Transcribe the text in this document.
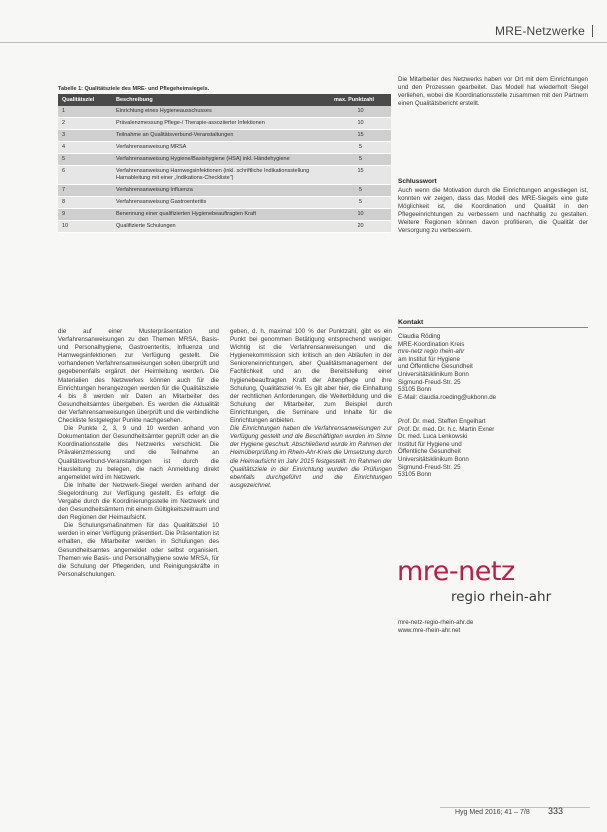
MRE-Netzwerke
Tabelle 1: Qualitätsziele des MRE- und Pflegeheimsiegels.
Qualitätsziel	Beschreibung	max. Punktzahl
1	Einrichtung eines Hygieneausschusses	10
2	Prävalenzmessung Pflege-/ Therapie-assoziierter Infektionen	10
3	Teilnahme an Qualitätsverbund-Veranstaltungen	15
4	Verfahrensanweisung MRSA	5
5	Verfahrensanweisung Hygiene/Basishygiene (HSA) inkl. Händehygiene	5
6	Verfahrensanweisung Harnwegsinfektionen (inkl. schriftliche Indikationsstellung Harnableitung mit einer „Indikations-Checkliste")	15
7	Verfahrensanweisung Influenza	5
8	Verfahrensanweisung Gastroenteritis	5
9	Benennung einer qualifizierten Hygienebeauftragten Kraft	10
10	Qualifizierte Schulungen	20

die auf einer Musterpräsentation und Verfahrensanweisungen zu den Themen MRSA, Basis- und Personalhygiene, Gastroenteritis, Influenza und Harnwegsinfektionen zur Verfügung gestellt. Die vorhandenen Verfahrensanweisungen sollen überprüft und gegebenenfalls ergänzt der Heimleitung werden. Die Materialien des Netzwerkes können auch für die Einrichtungen herangezogen werden für die Qualitätsziele 4 bis 8 werden wir Daten an Mitarbeiter des Gesundheitsamtes übergeben. Es werden die Aktualität der Verfahrensanweisungen überprüft und die verbindliche Checkliste festgelegter Punkte nachgesehen.

Die Punkte 2, 3, 9 und 10 werden anhand von Dokumentation der Gesundheitsämter geprüft oder an die Koordinationsstelle des Netzwerks verschickt. Die Prävalenzmessung und die Teilnahme an Qualitätsverbund-Veranstaltungen ist durch die Hausleitung zu belegen, die nach Anmeldung direkt angemeldet wird im Netzwerk.

Die Inhalte der Netzwerk-Siegel werden anhand der Siegelordnung zur Verfügung gestellt. Es erfolgt die Vergabe durch die Koordinierungsstelle im Netzwerk und den Gesundheitsämtern mit einem Gültigkeitszeitraum und den Regionen der Heimaufsicht.

Die Schulungsmaßnahmen für das Qualitätsziel 10 werden in einer Verfügung präsentiert. Die Präsentation ist erhalten, die Mitarbeiter werden in Schulungen des Gesundheitsamtes angemeldet oder selbst organisiert. Themen wie Basis- und Personalhygiene sowie MRSA, für die Schulung der Pflegenden, und Reinigungskräfte in Personalschulungen.

geben, d. h. maximal 100 % der Punktzahl, gibt es ein Punkt bei genommen Betätigung entsprechend weniger. Wichtig ist die Verfahrensanweisungen und die Hygienekommission sich kritisch an den Abläufen in der Senioreneinrichtungen, aber Qualitätsmanagement der Fachlichkeit und an die Bereitstellung einer hygienebeauftragten Kraft der Altenpflege und ihre Schulung, Qualitätsziel %. Es gilt aber hier, die Einhaltung der rechtlichen Anforderungen, die Weiterbildung und die Schulung der Mitarbeiter, zum Beispiel durch Einrichtungen, die Seminare und Inhalte für die Einrichtungen anbieten.

Die Einrichtungen haben die Verfahrensanweisungen zur Verfügung gestellt und die Beschäftigten wurden im Sinne der Hygiene geschult. Abschließend wurde im Rahmen der Heimüberprüfung im Rhein-Ahr-Kreis die Umsetzung durch die Heimaufsicht im Jahr 2015 festgestellt. Im Rahmen der Qualitätsziele in der Einrichtung wurden die Prüfungen ebenfalls durchgeführt und die Einrichtungen ausgezeichnet.

Die Mitarbeiter des Netzwerks haben vor Ort mit dem Einrichtungen und den Prozessen gearbeitet. Das Modell hat wiederholt Siegel verliehen, wobei die Koordinationsstelle zusammen mit den Partnern einen Qualitätsbericht erstellt.
Schlusswort
Auch wenn die Motivation durch die Einrichtungen angestiegen ist, konnten wir zeigen, dass das Modell des MRE-Siegels eine gute Möglichkeit ist, die Koordination und Qualität in den Pflegeeinrichtungen zu verbessern und nachhaltig zu gestalten. Weitere Regionen können davon profitieren, die Qualität der Versorgung zu verbessern.
Kontakt
Claudia Röding
MRE-Koordination Kreis
mre-netz regio rhein-ahr
am Institut für Hygiene
und Öffentliche Gesundheit
Universitätsklinikum Bonn
Sigmund-Freud-Str. 25
53105 Bonn
E-Mail: claudia.roeding@ukbonn.de
Prof. Dr. med. Steffen Engelhart
Prof. Dr. med. Dr. h.c. Martin Exner
Dr. med. Luca Lenkowski
Institut für Hygiene und
Öffentliche Gesundheit
Universitätsklinikum Bonn
Sigmund-Freud-Str. 25
53105 Bonn
mre-netz
regio rhein-ahr
mre-netz-regio-rhein-ahr.de
www.mre-rhein-ahr.net
Hyg Med 2016; 41 – 7/8 333
